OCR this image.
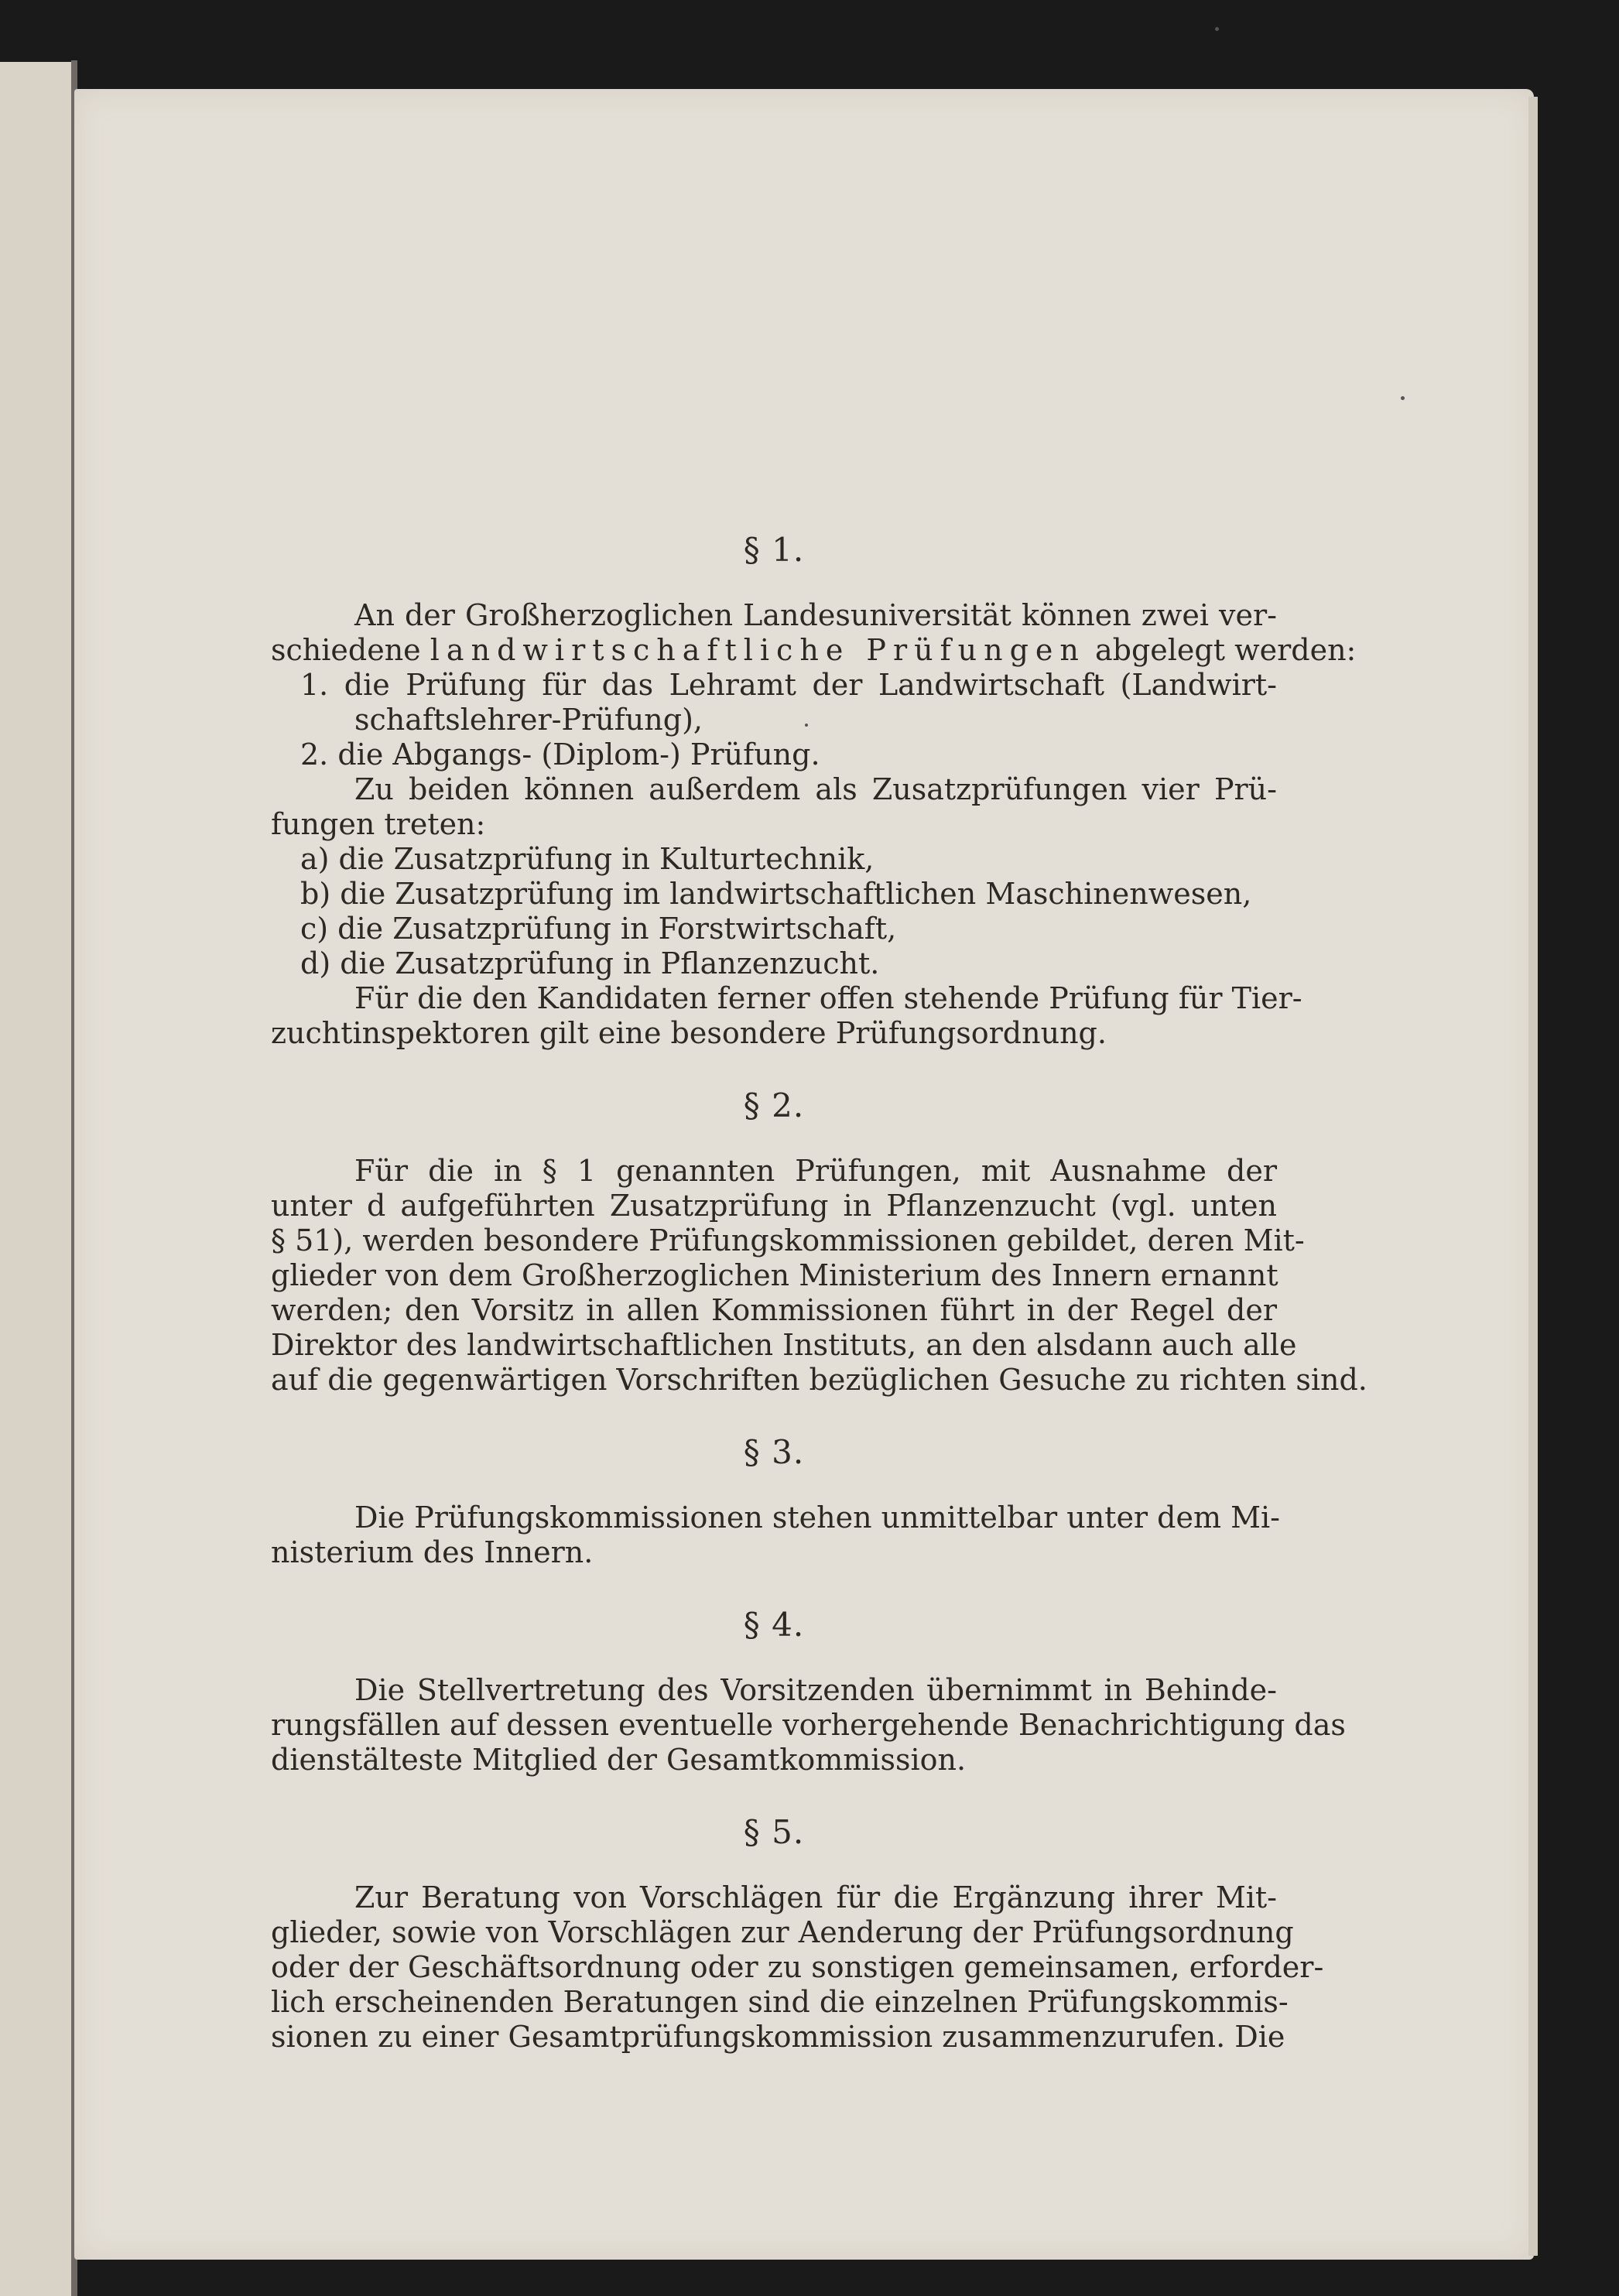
§ 1.
An der Großherzoglichen Landesuniversität können zwei ver-
schiedene landwirtschaftliche Prüfungen abgelegt werden:
1. die Prüfung für das Lehramt der Landwirtschaft (Landwirt-
schaftslehrer-Prüfung),
2. die Abgangs- (Diplom-) Prüfung.
Zu beiden können außerdem als Zusatzprüfungen vier Prü-
fungen treten:
a) die Zusatzprüfung in Kulturtechnik,
b) die Zusatzprüfung im landwirtschaftlichen Maschinenwesen,
c) die Zusatzprüfung in Forstwirtschaft,
d) die Zusatzprüfung in Pflanzenzucht.
Für die den Kandidaten ferner offen stehende Prüfung für Tier-
zuchtinspektoren gilt eine besondere Prüfungsordnung.
§ 2.
Für die in § 1 genannten Prüfungen, mit Ausnahme der
unter d aufgeführten Zusatzprüfung in Pflanzenzucht (vgl. unten
§ 51), werden besondere Prüfungskommissionen gebildet, deren Mit-
glieder von dem Großherzoglichen Ministerium des Innern ernannt
werden; den Vorsitz in allen Kommissionen führt in der Regel der
Direktor des landwirtschaftlichen Instituts, an den alsdann auch alle
auf die gegenwärtigen Vorschriften bezüglichen Gesuche zu richten sind.
§ 3.
Die Prüfungskommissionen stehen unmittelbar unter dem Mi-
nisterium des Innern.
§ 4.
Die Stellvertretung des Vorsitzenden übernimmt in Behinde-
rungsfällen auf dessen eventuelle vorhergehende Benachrichtigung das
dienstälteste Mitglied der Gesamtkommission.
§ 5.
Zur Beratung von Vorschlägen für die Ergänzung ihrer Mit-
glieder, sowie von Vorschlägen zur Aenderung der Prüfungsordnung
oder der Geschäftsordnung oder zu sonstigen gemeinsamen, erforder-
lich erscheinenden Beratungen sind die einzelnen Prüfungskommis-
sionen zu einer Gesamtprüfungskommission zusammenzurufen. Die
